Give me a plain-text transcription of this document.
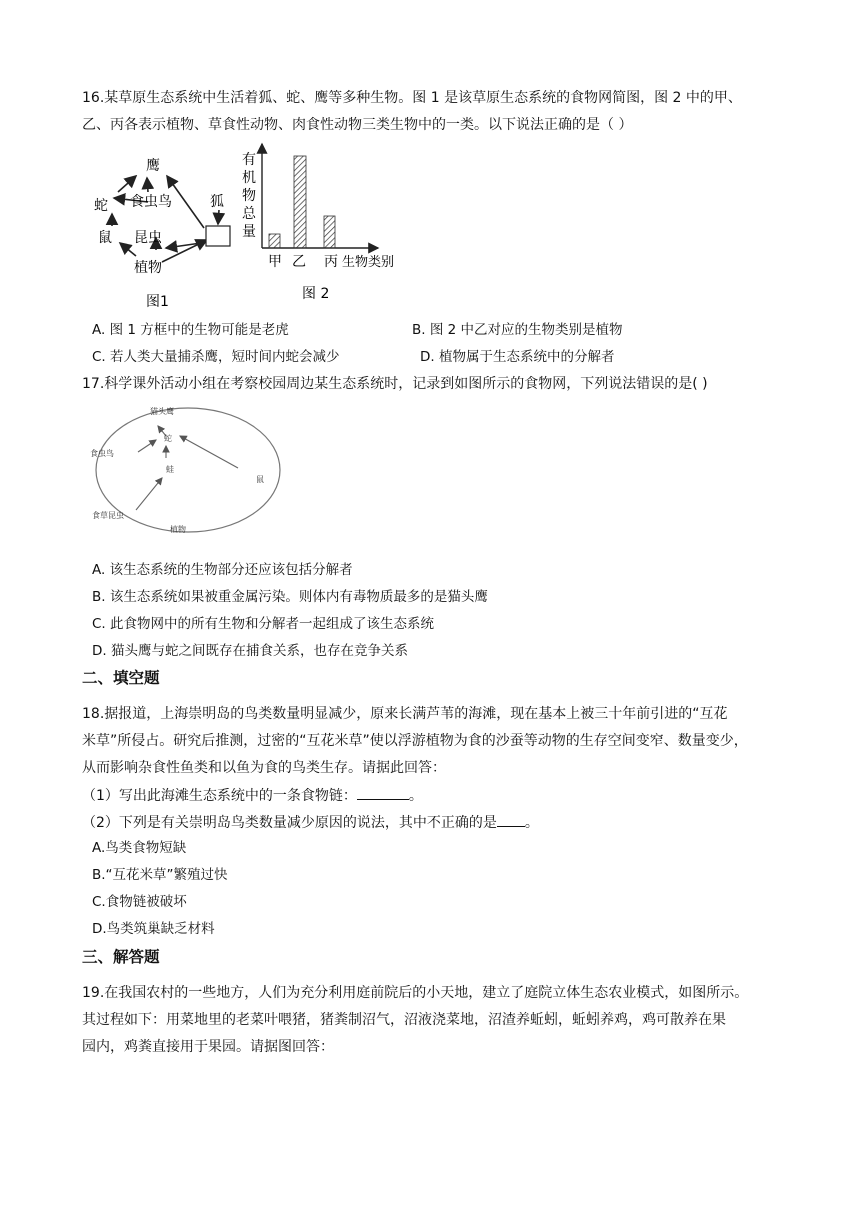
16.某草原生态系统中生活着狐、蛇、鹰等多种生物。图 1 是该草原生态系统的食物网简图，图 2 中的甲、
乙、丙各表示植物、草食性动物、肉食性动物三类生物中的一类。以下说法正确的是（ ）
鹰
蛇 食虫鸟	狐
鼠 昆虫
植物
图1
有
机
物
总
量
甲 乙 丙 生物类别
图 2
A. 图 1 方框中的生物可能是老虎	B. 图 2 中乙对应的生物类别是植物
C. 若人类大量捕杀鹰，短时间内蛇会减少	D. 植物属于生态系统中的分解者
17.科学课外活动小组在考察校园周边某生态系统时，记录到如图所示的食物网，下列说法错误的是( )
猫头鹰
蛇
蛙
食虫鸟
鼠
食草昆虫
植物
A. 该生态系统的生物部分还应该包括分解者
B. 该生态系统如果被重金属污染。则体内有毒物质最多的是猫头鹰
C. 此食物网中的所有生物和分解者一起组成了该生态系统
D. 猫头鹰与蛇之间既存在捕食关系，也存在竞争关系
二、填空题
18.据报道，上海崇明岛的鸟类数量明显减少，原来长满芦苇的海滩，现在基本上被三十年前引进的“互花
米草”所侵占。研究后推测，过密的“互花米草”使以浮游植物为食的沙蚕等动物的生存空间变窄、数量变少，
从而影响杂食性鱼类和以鱼为食的鸟类生存。请据此回答：
（1）写出此海滩生态系统中的一条食物链：	。
（2）下列是有关崇明岛鸟类数量减少原因的说法，其中不正确的是 。
A.鸟类食物短缺
B.“互花米草”繁殖过快
C.食物链被破坏
D.鸟类筑巢缺乏材料
三、解答题
19.在我国农村的一些地方，人们为充分利用庭前院后的小天地，建立了庭院立体生态农业模式，如图所示。
其过程如下：用菜地里的老菜叶喂猪，猪粪制沼气，沼液浇菜地，沼渣养蚯蚓，蚯蚓养鸡，鸡可散养在果
园内，鸡粪直接用于果园。请据图回答：
